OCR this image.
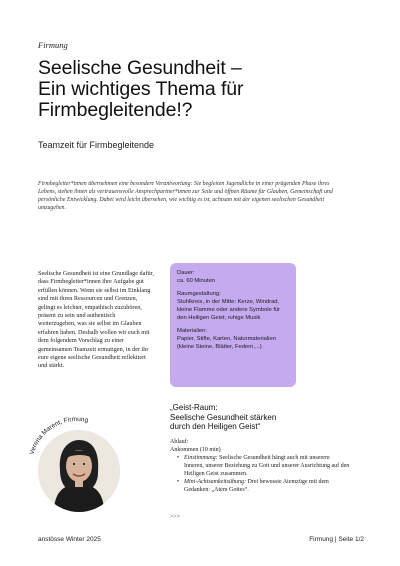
Firmung
Seelische Gesundheit –
Ein wichtiges Thema für
Firmbegleitende!?
Teamzeit für Firmbegleitende
Firmbegleiter*innen übernehmen eine besondere Verantwortung: Sie begleiten Jugendliche in einer prägenden Phase ihres Lebens, stehen ihnen als vertrauensvolle Ansprechpartner*innen zur Seite und öffnen Räume für Glauben, Gemeinschaft und persönliche Entwicklung. Dabei wird leicht übersehen, wie wichtig es ist, achtsam mit der eigenen seelischen Gesundheit umzugehen.
Seelische Gesundheit ist eine Grundlage dafür, dass Firmbegleiter*innen ihre Aufgabe gut erfüllen können. Wenn sie selbst im Einklang sind mit ihren Ressourcen und Grenzen, gelingt es leichter, empathisch zuzuhören, präsent zu sein und authentisch weiterzugeben, was sie selbst im Glauben erfahren haben. Deshalb wollen wir euch mit dem folgendem Vorschlag zu einer gemeinsamen Teamzeit ermutigen, in der ihr eure eigene seelische Gesundheit reflektiert und stärkt.
Dauer:
ca. 60 Minuten
Raumgestaltung:
Stuhlkreis, in der Mitte: Kerze, Windrad, kleine Flamme oder andere Symbole für den Heiligen Geist; ruhige Musik
Materialien:
Papier, Stifte, Karten, Naturmaterialien (kleine Steine, Blätter, Federn,...)
„Geist-Raum:
Seelische Gesundheit stärken
durch den Heiligen Geist“
Ablauf:
Ankommen (10 min)
• Einstimmung: Seelische Gesundheit hängt auch mit unserem Inneren, unserer Beziehung zu Gott und unserer Ausrichtung auf den Heiligen Geist zusammen.
• Mini-Achtsamkeitsübung: Drei bewusste Atemzüge mit dem Gedanken: „Atem Gottes“.
>>>
Verena Marent, Firmung
anstösse Winter 2025	Firmung | Seite 1/2
